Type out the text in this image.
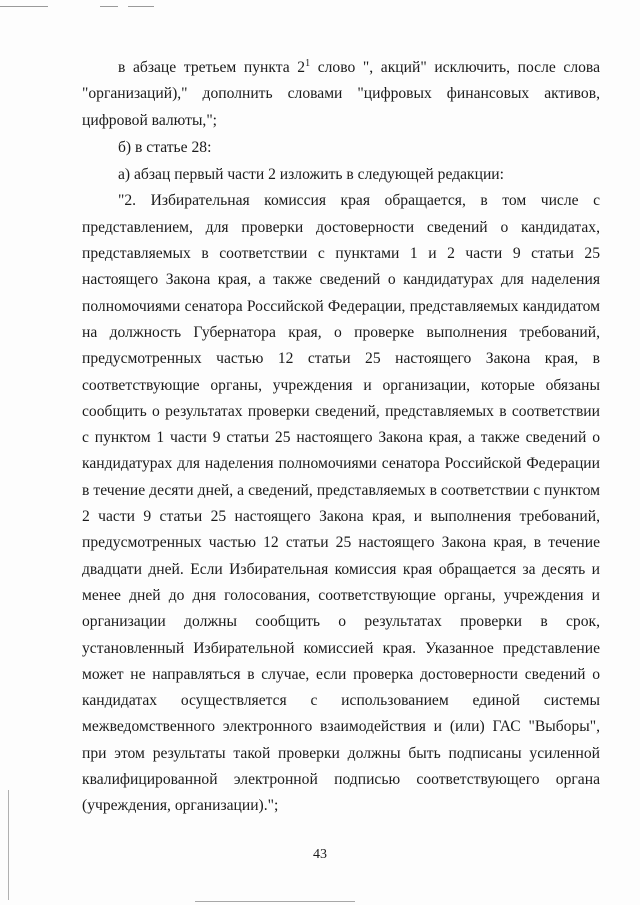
в абзаце третьем пункта $2^1$ слово ", акций" исключить, после слова "организаций)," дополнить словами "цифровых финансовых активов, цифровой валюты,";

б) в статье 28:

а) абзац первый части 2 изложить в следующей редакции:

"2. Избирательная комиссия края обращается, в том числе с представлением, для проверки достоверности сведений о кандидатах, представляемых в соответствии с пунктами 1 и 2 части 9 статьи 25 настоящего Закона края, а также сведений о кандидатурах для наделения полномочиями сенатора Российской Федерации, представляемых кандидатом на должность Губернатора края, о проверке выполнения требований, предусмотренных частью 12 статьи 25 настоящего Закона края, в соответствующие органы, учреждения и организации, которые обязаны сообщить о результатах проверки сведений, представляемых в соответствии с пунктом 1 части 9 статьи 25 настоящего Закона края, а также сведений о кандидатурах для наделения полномочиями сенатора Российской Федерации в течение десяти дней, а сведений, представляемых в соответствии с пунктом 2 части 9 статьи 25 настоящего Закона края, и выполнения требований, предусмотренных частью 12 статьи 25 настоящего Закона края, в течение двадцати дней. Если Избирательная комиссия края обращается за десять и менее дней до дня голосования, соответствующие органы, учреждения и организации должны сообщить о результатах проверки в срок, установленный Избирательной комиссией края. Указанное представление может не направляться в случае, если проверка достоверности сведений о кандидатах осуществляется с использованием единой системы межведомственного электронного взаимодействия и (или) ГАС "Выборы", при этом результаты такой проверки должны быть подписаны усиленной квалифицированной электронной подписью соответствующего органа (учреждения, организации).";

43
